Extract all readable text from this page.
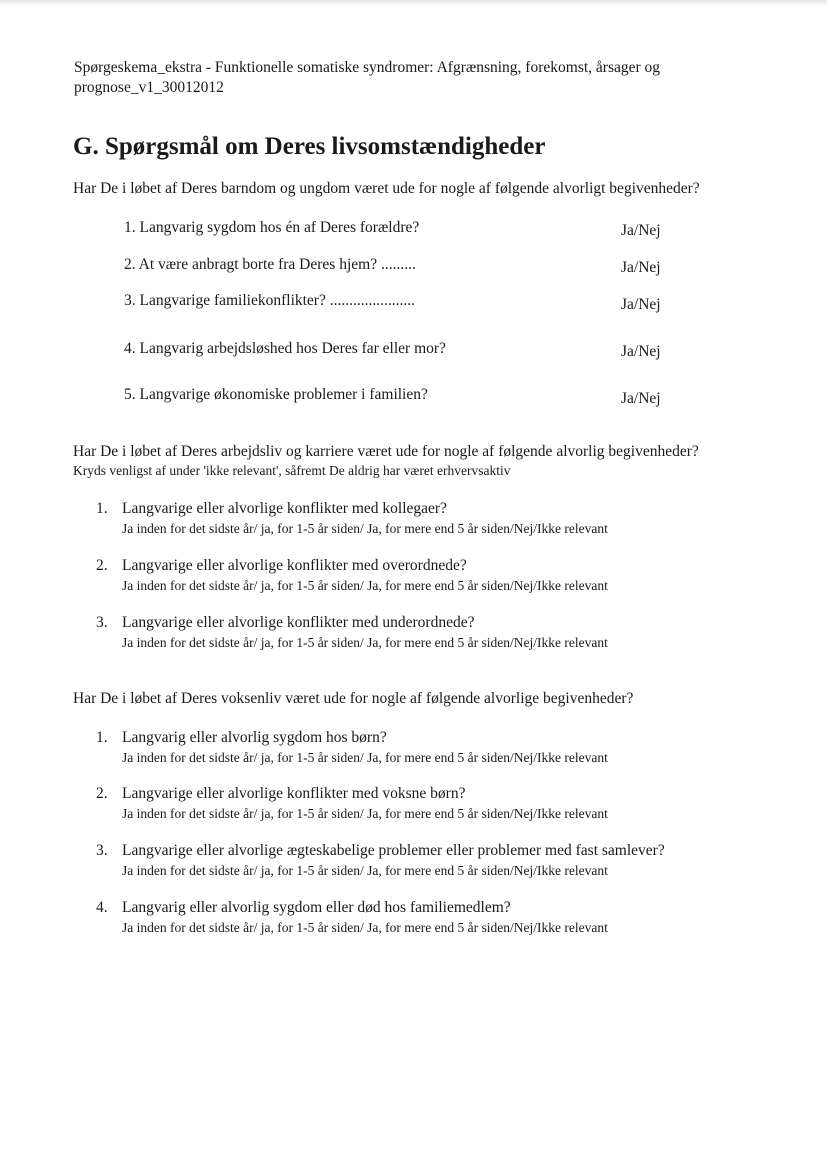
Spørgeskema_ekstra - Funktionelle somatiske syndromer: Afgrænsning, forekomst, årsager og
prognose_v1_30012012
G. Spørgsmål om Deres livsomstændigheder
Har De i løbet af Deres barndom og ungdom været ude for nogle af følgende alvorligt begivenheder?
1. Langvarig sygdom hos én af Deres forældre?	Ja/Nej
2. At være anbragt borte fra Deres hjem? .........	Ja/Nej
3. Langvarige familiekonflikter? ......................	Ja/Nej
4. Langvarig arbejdsløshed hos Deres far eller mor?	Ja/Nej
5. Langvarige økonomiske problemer i familien?	Ja/Nej
Har De i løbet af Deres arbejdsliv og karriere været ude for nogle af følgende alvorlig begivenheder?
Kryds venligst af under 'ikke relevant', såfremt De aldrig har været erhvervsaktiv
1. Langvarige eller alvorlige konflikter med kollegaer?
Ja inden for det sidste år/ ja, for 1-5 år siden/ Ja, for mere end 5 år siden/Nej/Ikke relevant
2. Langvarige eller alvorlige konflikter med overordnede?
Ja inden for det sidste år/ ja, for 1-5 år siden/ Ja, for mere end 5 år siden/Nej/Ikke relevant
3. Langvarige eller alvorlige konflikter med underordnede?
Ja inden for det sidste år/ ja, for 1-5 år siden/ Ja, for mere end 5 år siden/Nej/Ikke relevant
Har De i løbet af Deres voksenliv været ude for nogle af følgende alvorlige begivenheder?
1. Langvarig eller alvorlig sygdom hos børn?
Ja inden for det sidste år/ ja, for 1-5 år siden/ Ja, for mere end 5 år siden/Nej/Ikke relevant
2. Langvarige eller alvorlige konflikter med voksne børn?
Ja inden for det sidste år/ ja, for 1-5 år siden/ Ja, for mere end 5 år siden/Nej/Ikke relevant
3. Langvarige eller alvorlige ægteskabelige problemer eller problemer med fast samlever?
Ja inden for det sidste år/ ja, for 1-5 år siden/ Ja, for mere end 5 år siden/Nej/Ikke relevant
4. Langvarig eller alvorlig sygdom eller død hos familiemedlem?
Ja inden for det sidste år/ ja, for 1-5 år siden/ Ja, for mere end 5 år siden/Nej/Ikke relevant
